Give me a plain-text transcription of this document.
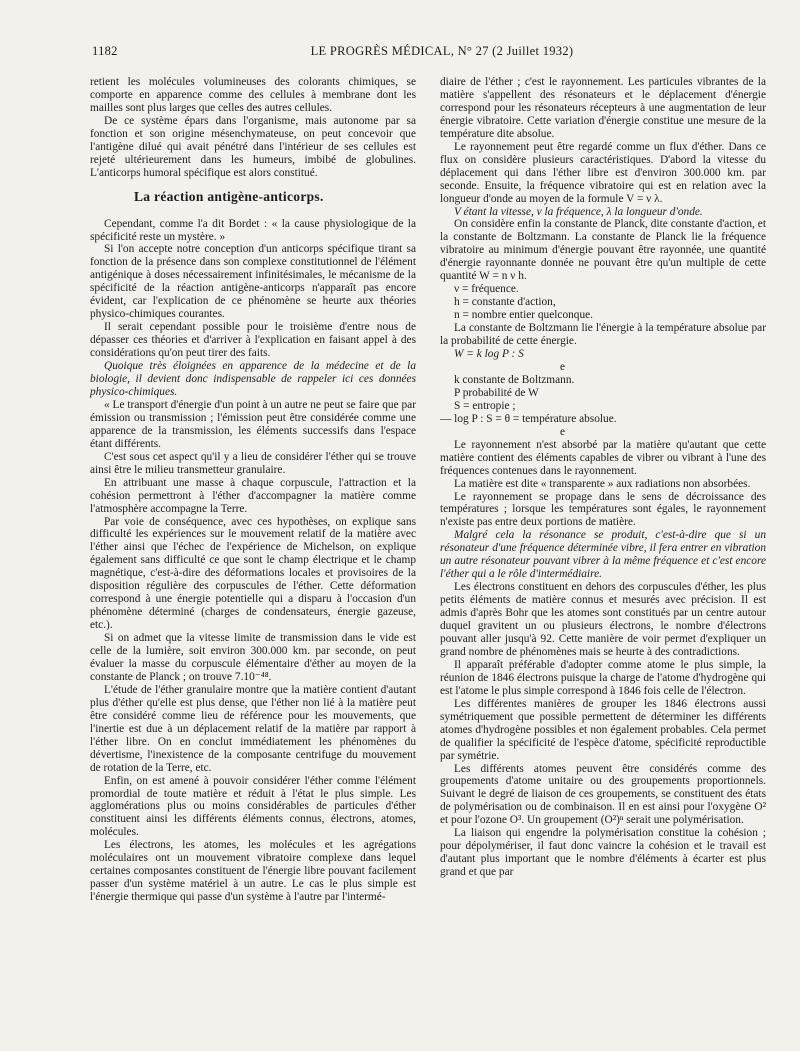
1182	LE PROGRÈS MÉDICAL, N° 27 (2 Juillet 1932)

retient les molécules volumineuses des colorants chimiques, se comporte en apparence comme des cellules à membrane dont les mailles sont plus larges que celles des autres cellules.

De ce système épars dans l'organisme, mais autonome par sa fonction et son origine mésenchymateuse, on peut concevoir que l'antigène dilué qui avait pénétré dans l'intérieur de ses cellules est rejeté ultérieurement dans les humeurs, imbibé de globulines. L'anticorps humoral spécifique est alors constitué.

La réaction antigène-anticorps.

Cependant, comme l'a dit Bordet : « la cause physiologique de la spécificité reste un mystère. »

Si l'on accepte notre conception d'un anticorps spécifique tirant sa fonction de la présence dans son complexe constitutionnel de l'élément antigénique à doses nécessairement infinitésimales, le mécanisme de la spécificité de la réaction antigène-anticorps n'apparaît pas encore évident, car l'explication de ce phénomène se heurte aux théories physico-chimiques courantes.

Il serait cependant possible pour le troisième d'entre nous de dépasser ces théories et d'arriver à l'explication en faisant appel à des considérations qu'on peut tirer des faits.

Quoique très éloignées en apparence de la médecine et de la biologie, il devient donc indispensable de rappeler ici ces données physico-chimiques.

« Le transport d'énergie d'un point à un autre ne peut se faire que par émission ou transmission ; l'émission peut être considérée comme une apparence de la transmission, les éléments successifs dans l'espace étant différents.

C'est sous cet aspect qu'il y a lieu de considérer l'éther qui se trouve ainsi être le milieu transmetteur granulaire.

En attribuant une masse à chaque corpuscule, l'attraction et la cohésion permettront à l'éther d'accompagner la matière comme l'atmosphère accompagne la Terre.

Par voie de conséquence, avec ces hypothèses, on explique sans difficulté les expériences sur le mouvement relatif de la matière avec l'éther ainsi que l'échec de l'expérience de Michelson, on explique également sans difficulté ce que sont le champ électrique et le champ magnétique, c'est-à-dire des déformations locales et provisoires de la disposition régulière des corpuscules de l'éther. Cette déformation correspond à une énergie potentielle qui a disparu à l'occasion d'un phénomène déterminé (charges de condensateurs, énergie gazeuse, etc.).

Si on admet que la vitesse limite de transmission dans le vide est celle de la lumière, soit environ 300.000 km. par seconde, on peut évaluer la masse du corpuscule élémentaire d'éther au moyen de la constante de Planck ; on trouve 7.10⁻⁴⁸.

L'étude de l'éther granulaire montre que la matière contient d'autant plus d'éther qu'elle est plus dense, que l'éther non lié à la matière peut être considéré comme lieu de référence pour les mouvements, que l'inertie est due à un déplacement relatif de la matière par rapport à l'éther libre. On en conclut immédiatement les phénomènes du dévertisme, l'inexistence de la composante centrifuge du mouvement de rotation de la Terre, etc.

Enfin, on est amené à pouvoir considérer l'éther comme l'élément promordial de toute matière et réduit à l'état le plus simple. Les agglomérations plus ou moins considérables de particules d'éther constituent ainsi les différents éléments connus, électrons, atomes, molécules.

Les électrons, les atomes, les molécules et les agrégations moléculaires ont un mouvement vibratoire complexe dans lequel certaines composantes constituent de l'énergie libre pouvant facilement passer d'un système matériel à un autre. Le cas le plus simple est l'énergie thermique qui passe d'un système à l'autre par l'intermé-

diaire de l'éther ; c'est le rayonnement. Les particules vibrantes de la matière s'appellent des résonateurs et le déplacement d'énergie correspond pour les résonateurs récepteurs à une augmentation de leur énergie vibratoire. Cette variation d'énergie constitue une mesure de la température dite absolue.

Le rayonnement peut être regardé comme un flux d'éther. Dans ce flux on considère plusieurs caractéristiques. D'abord la vitesse du déplacement qui dans l'éther libre est d'environ 300.000 km. par seconde. Ensuite, la fréquence vibratoire qui est en relation avec la longueur d'onde au moyen de la formule V = ν λ.

V étant la vitesse, ν la fréquence, λ la longueur d'onde.

On considère enfin la constante de Planck, dite constante d'action, et la constante de Boltzmann. La constante de Planck lie la fréquence vibratoire au minimum d'énergie pouvant être rayonnée, une quantité d'énergie rayonnante donnée ne pouvant être qu'un multiple de cette quantité W = n ν h.

ν = fréquence.

h = constante d'action,

n = nombre entier quelconque.

La constante de Boltzmann lie l'énergie à la température absolue par la probabilité de cette énergie.

W = k log P : S

e

k constante de Boltzmann.

P probabilité de W

S = entropie ;

— log P : S = θ = température absolue.

e

Le rayonnement n'est absorbé par la matière qu'autant que cette matière contient des éléments capables de vibrer ou vibrant à l'une des fréquences contenues dans le rayonnement.

La matière est dite « transparente » aux radiations non absorbées.

Le rayonnement se propage dans le sens de décroissance des températures ; lorsque les températures sont égales, le rayonnement n'existe pas entre deux portions de matière.

Malgré cela la résonance se produit, c'est-à-dire que si un résonateur d'une fréquence déterminée vibre, il fera entrer en vibration un autre résonateur pouvant vibrer à la même fréquence et c'est encore l'éther qui a le rôle d'intermédiaire.

Les électrons constituent en dehors des corpuscules d'éther, les plus petits éléments de matière connus et mesurés avec précision. Il est admis d'après Bohr que les atomes sont constitués par un centre autour duquel gravitent un ou plusieurs électrons, le nombre d'électrons pouvant aller jusqu'à 92. Cette manière de voir permet d'expliquer un grand nombre de phénomènes mais se heurte à des contradictions.

Il apparaît préférable d'adopter comme atome le plus simple, la réunion de 1846 électrons puisque la charge de l'atome d'hydrogène qui est l'atome le plus simple correspond à 1846 fois celle de l'électron.

Les différentes manières de grouper les 1846 électrons aussi symétriquement que possible permettent de déterminer les différents atomes d'hydrogène possibles et non également probables. Cela permet de qualifier la spécificité de l'espèce d'atome, spécificité reproductible par symétrie.

Les différents atomes peuvent être considérés comme des groupements d'atome unitaire ou des groupements proportionnels. Suivant le degré de liaison de ces groupements, se constituent des états de polymérisation ou de combinaison. Il en est ainsi pour l'oxygène O² et pour l'ozone O³. Un groupement (O²)ⁿ serait une polymérisation.

La liaison qui engendre la polymérisation constitue la cohésion ; pour dépolymériser, il faut donc vaincre la cohésion et le travail est d'autant plus important que le nombre d'éléments à écarter est plus grand et que par
